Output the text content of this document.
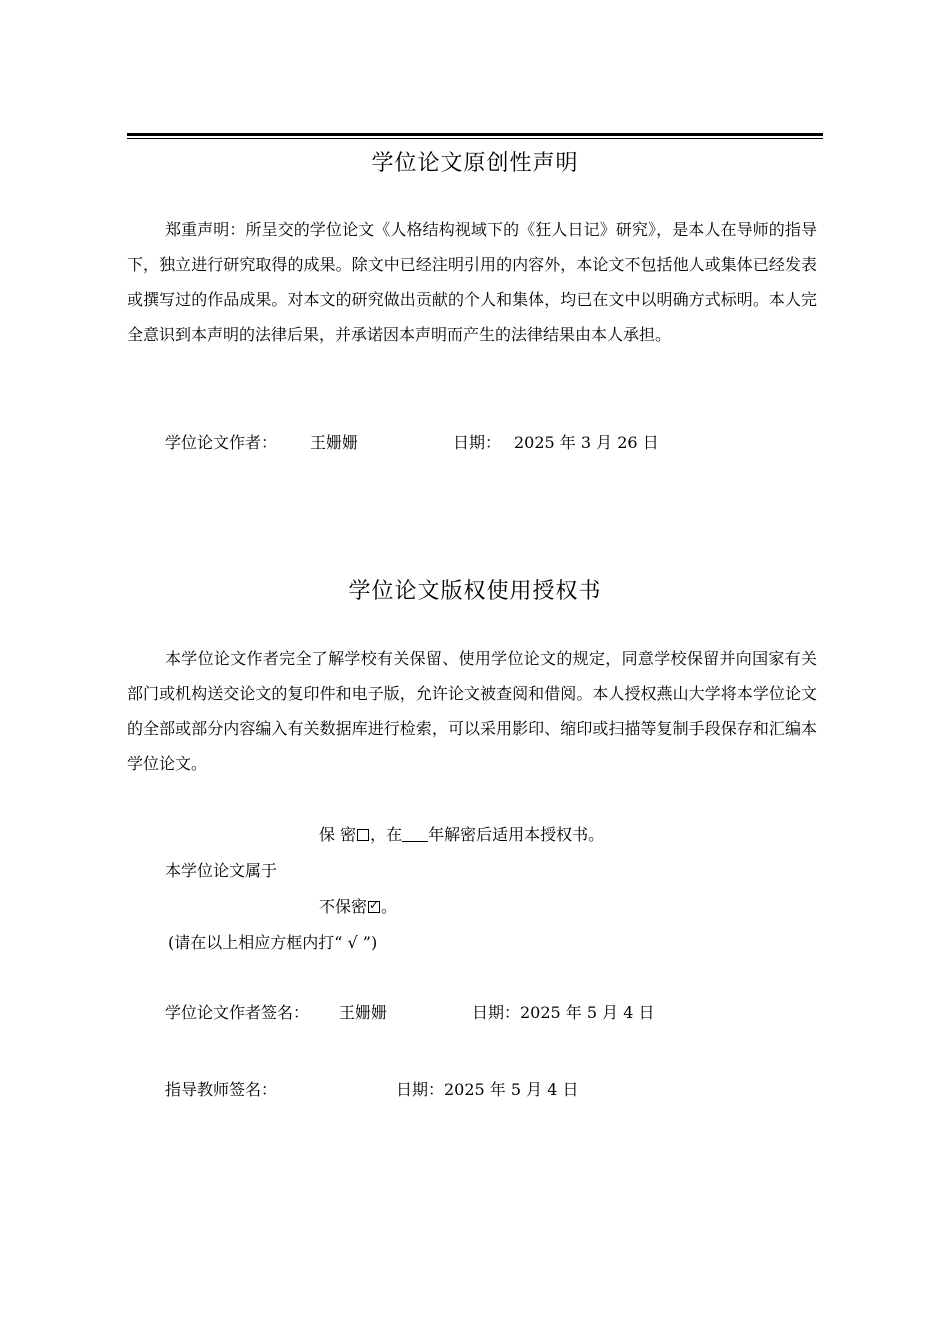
学位论文原创性声明
郑重声明：所呈交的学位论文《人格结构视域下的《狂人日记》研究》，是本人在导师的指导下，独立进行研究取得的成果。除文中已经注明引用的内容外，本论文不包括他人或集体已经发表或撰写过的作品成果。对本文的研究做出贡献的个人和集体，均已在文中以明确方式标明。本人完全意识到本声明的法律后果，并承诺因本声明而产生的法律结果由本人承担。
学位论文作者： 王姗姗	日期： 2025 年 3 月 26 日
学位论文版权使用授权书
本学位论文作者完全了解学校有关保留、使用学位论文的规定，同意学校保留并向国家有关部门或机构送交论文的复印件和电子版，允许论文被查阅和借阅。本人授权燕山大学将本学位论文的全部或部分内容编入有关数据库进行检索，可以采用影印、缩印或扫描等复制手段保存和汇编本学位论文。
保 密 ，在 年解密后适用本授权书。
本学位论文属于
不保密 ✓ 。
(请在以上相应方框内打“ √ ”)
学位论文作者签名： 王姗姗	日期：2025 年 5 月 4 日
指导教师签名：	日期：2025 年 5 月 4 日
